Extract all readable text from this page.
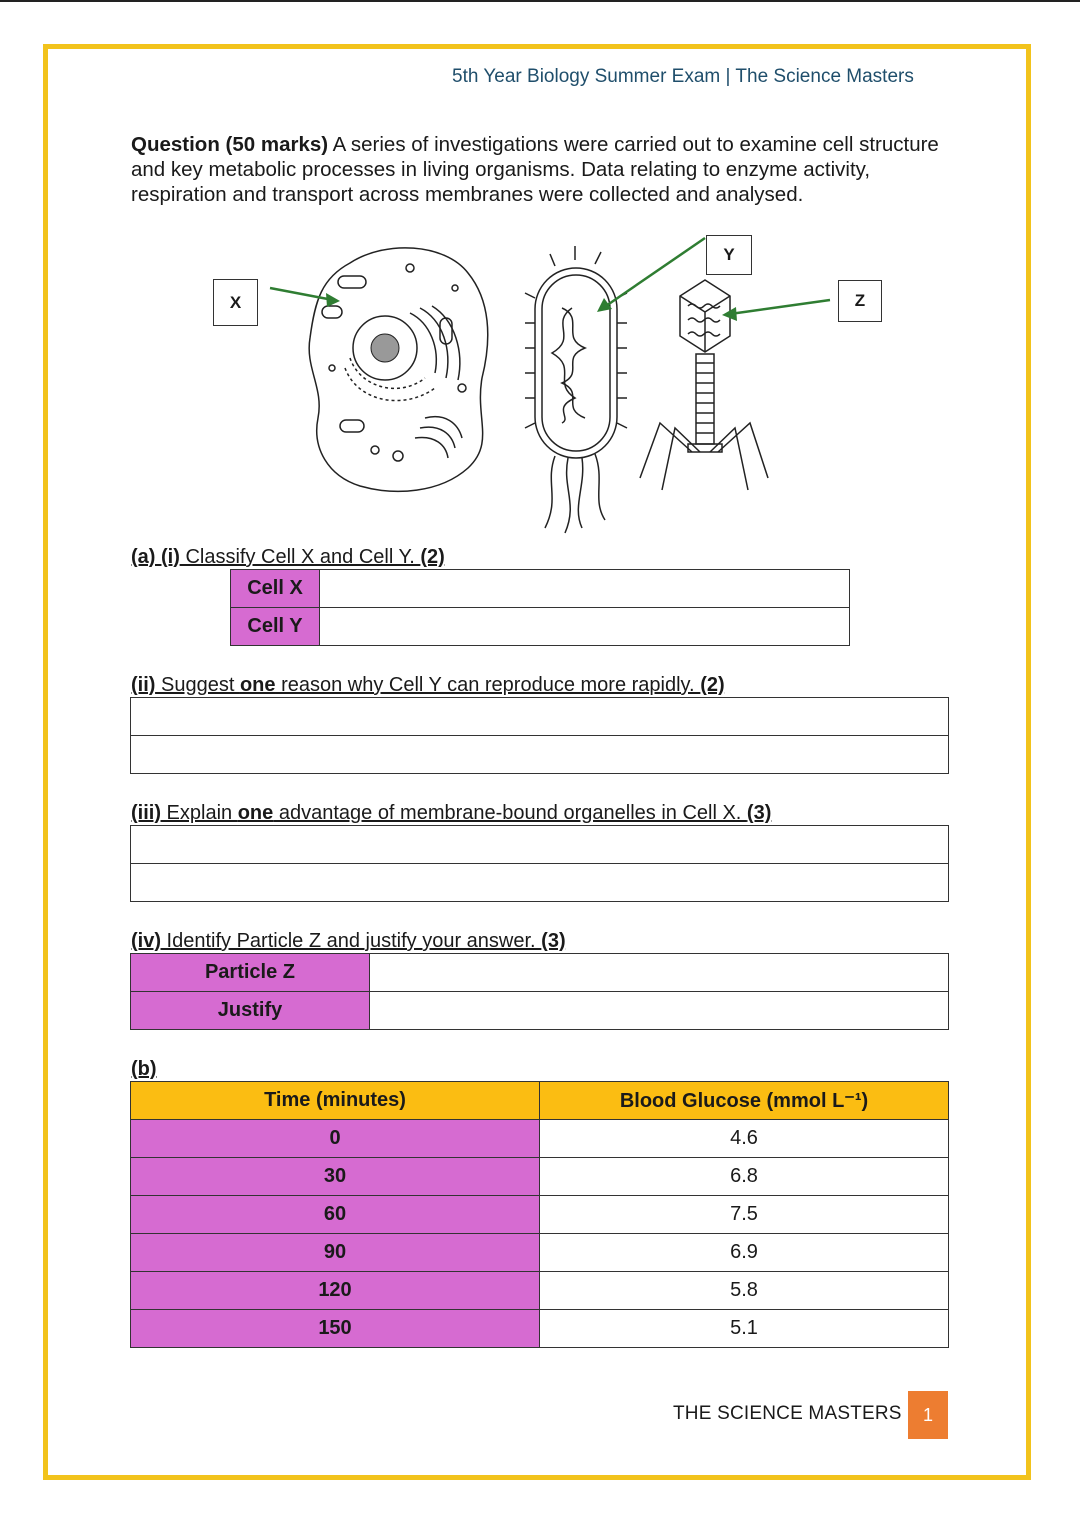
5th Year Biology Summer Exam | The Science Masters
Question (50 marks) A series of investigations were carried out to examine cell structure and key metabolic processes in living organisms. Data relating to enzyme activity, respiration and transport across membranes were collected and analysed.
X
Y
Z
(a) (i) Classify Cell X and Cell Y. (2)
Cell X	
Cell Y	
(ii) Suggest one reason why Cell Y can reproduce more rapidly. (2)

(iii) Explain one advantage of membrane-bound organelles in Cell X. (3)

(iv) Identify Particle Z and justify your answer. (3)
Particle Z	
Justify	
(b)
Time (minutes)	Blood Glucose (mmol L⁻¹)
0	4.6
30	6.8
60	7.5
90	6.9
120	5.8
150	5.1
THE SCIENCE MASTERS	1
